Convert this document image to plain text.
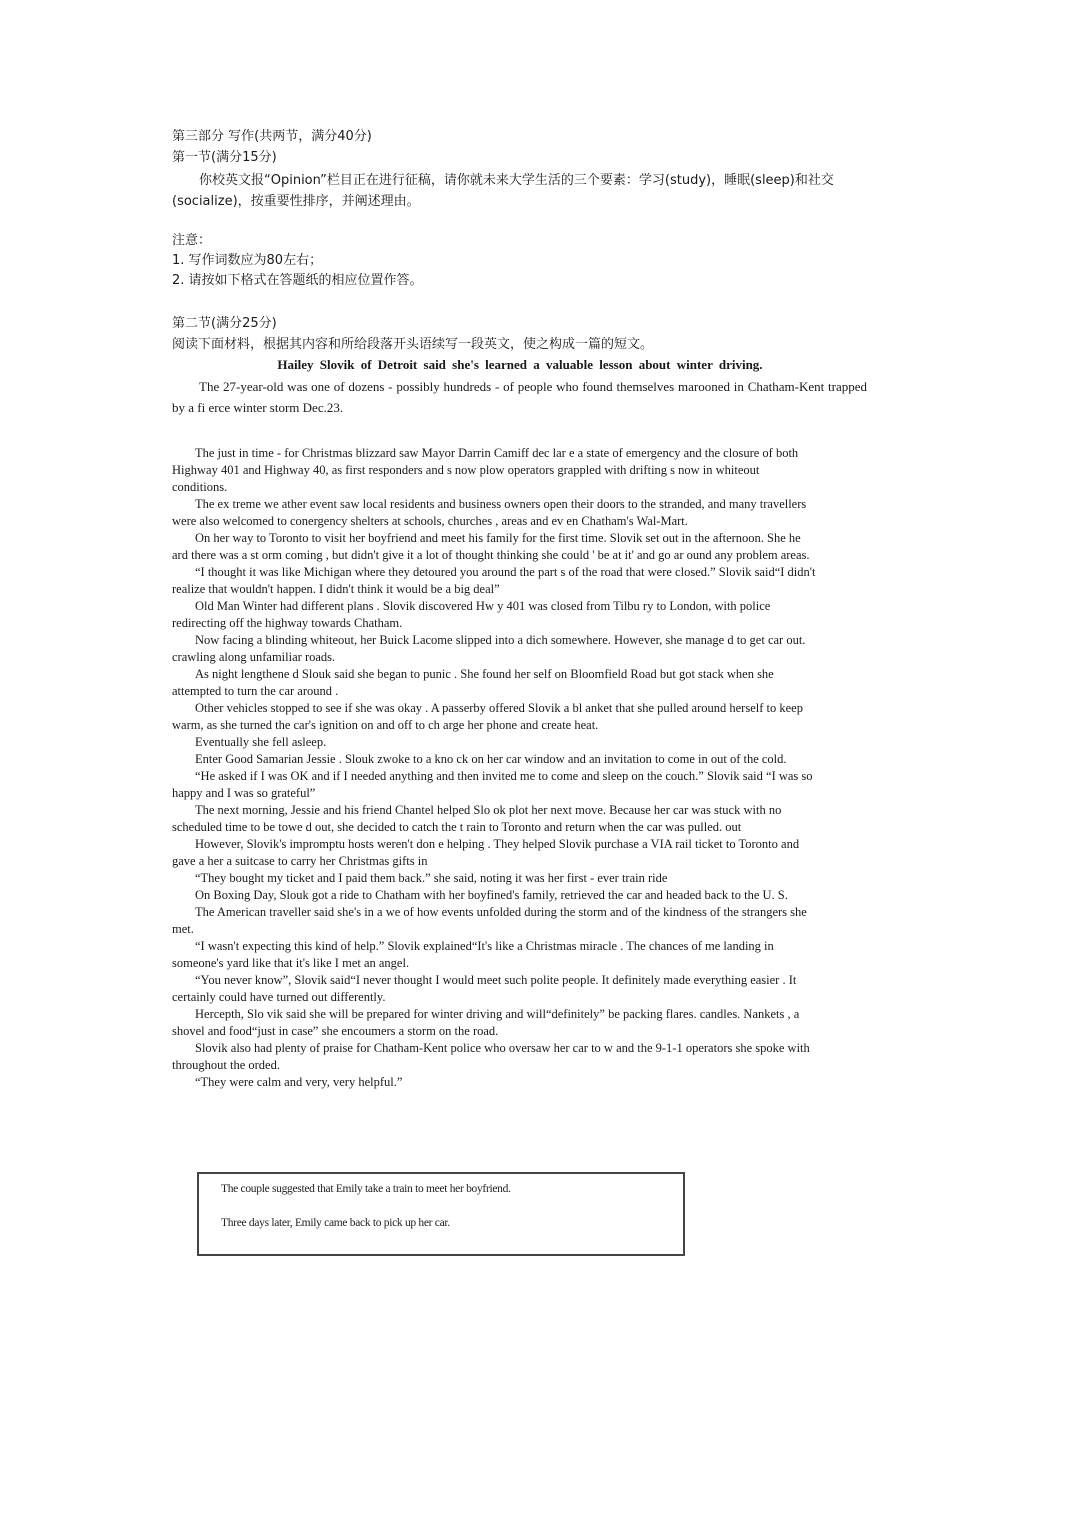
第三部分 写作(共两节，满分40分)
第一节(满分15分)
你校英文报“Opinion”栏目正在进行征稿，请你就未来大学生活的三个要素：学习(study)，睡眠(sleep)和社交(socialize)，按重要性排序，并阐述理由。
注意：
1. 写作词数应为80左右；
2. 请按如下格式在答题纸的相应位置作答。
第二节(满分25分)
阅读下面材料，根据其内容和所给段落开头语续写一段英文，使之构成一篇的短文。
Hailey Slovik of Detroit said she's learned a valuable lesson about winter driving.
The 27-year-old was one of dozens - possibly hundreds - of people who found themselves marooned in Chatham-Kent trapped by a fi erce winter storm Dec.23.

The just in time - for Christmas blizzard saw Mayor Darrin Camiff dec lar e a state of emergency and the closure of both Highway 401 and Highway 40, as first responders and s now plow operators grappled with drifting s now in whiteout conditions.

The ex treme we ather event saw local residents and business owners open their doors to the stranded, and many travellers were also welcomed to conergency shelters at schools, churches , areas and ev en Chatham's Wal-Mart.

On her way to Toronto to visit her boyfriend and meet his family for the first time. Slovik set out in the afternoon. She he ard there was a st orm coming , but didn't give it a lot of thought thinking she could ' be at it' and go ar ound any problem areas.

“I thought it was like Michigan where they detoured you around the part s of the road that were closed.” Slovik said“I didn't realize that wouldn't happen. I didn't think it would be a big deal”

Old Man Winter had different plans . Slovik discovered Hw y 401 was closed from Tilbu ry to London, with police redirecting off the highway towards Chatham.

Now facing a blinding whiteout, her Buick Lacome slipped into a dich somewhere. However, she manage d to get car out. crawling along unfamiliar roads.

As night lengthene d Slouk said she began to punic . She found her self on Bloomfield Road but got stack when she attempted to turn the car around .

Other vehicles stopped to see if she was okay . A passerby offered Slovik a bl anket that she pulled around herself to keep warm, as she turned the car's ignition on and off to ch arge her phone and create heat.

Eventually she fell asleep.

Enter Good Samarian Jessie . Slouk zwoke to a kno ck on her car window and an invitation to come in out of the cold.

“He asked if I was OK and if I needed anything and then invited me to come and sleep on the couch.” Slovik said “I was so happy and I was so grateful”

The next morning, Jessie and his friend Chantel helped Slo ok plot her next move. Because her car was stuck with no scheduled time to be towe d out, she decided to catch the t rain to Toronto and return when the car was pulled. out

However, Slovik's impromptu hosts weren't don e helping . They helped Slovik purchase a VIA rail ticket to Toronto and gave a her a suitcase to carry her Christmas gifts in

“They bought my ticket and I paid them back.” she said, noting it was her first - ever train ride

On Boxing Day, Slouk got a ride to Chatham with her boyfined's family, retrieved the car and headed back to the U. S.

The American traveller said she's in a we of how events unfolded during the storm and of the kindness of the strangers she met.

“I wasn't expecting this kind of help.” Slovik explained“It's like a Christmas miracle . The chances of me landing in someone's yard like that it's like I met an angel.

“You never know”, Slovik said“I never thought I would meet such polite people. It definitely made everything easier . It certainly could have turned out differently.

Hercepth, Slo vik said she will be prepared for winter driving and will“definitely” be packing flares. candles. Nankets , a shovel and food“just in case” she encoumers a storm on the road.

Slovik also had plenty of praise for Chatham-Kent police who oversaw her car to w and the 9-1-1 operators she spoke with throughout the orded.

“They were calm and very, very helpful.”

The couple suggested that Emily take a train to meet her boyfriend.
Three days later, Emily came back to pick up her car.
